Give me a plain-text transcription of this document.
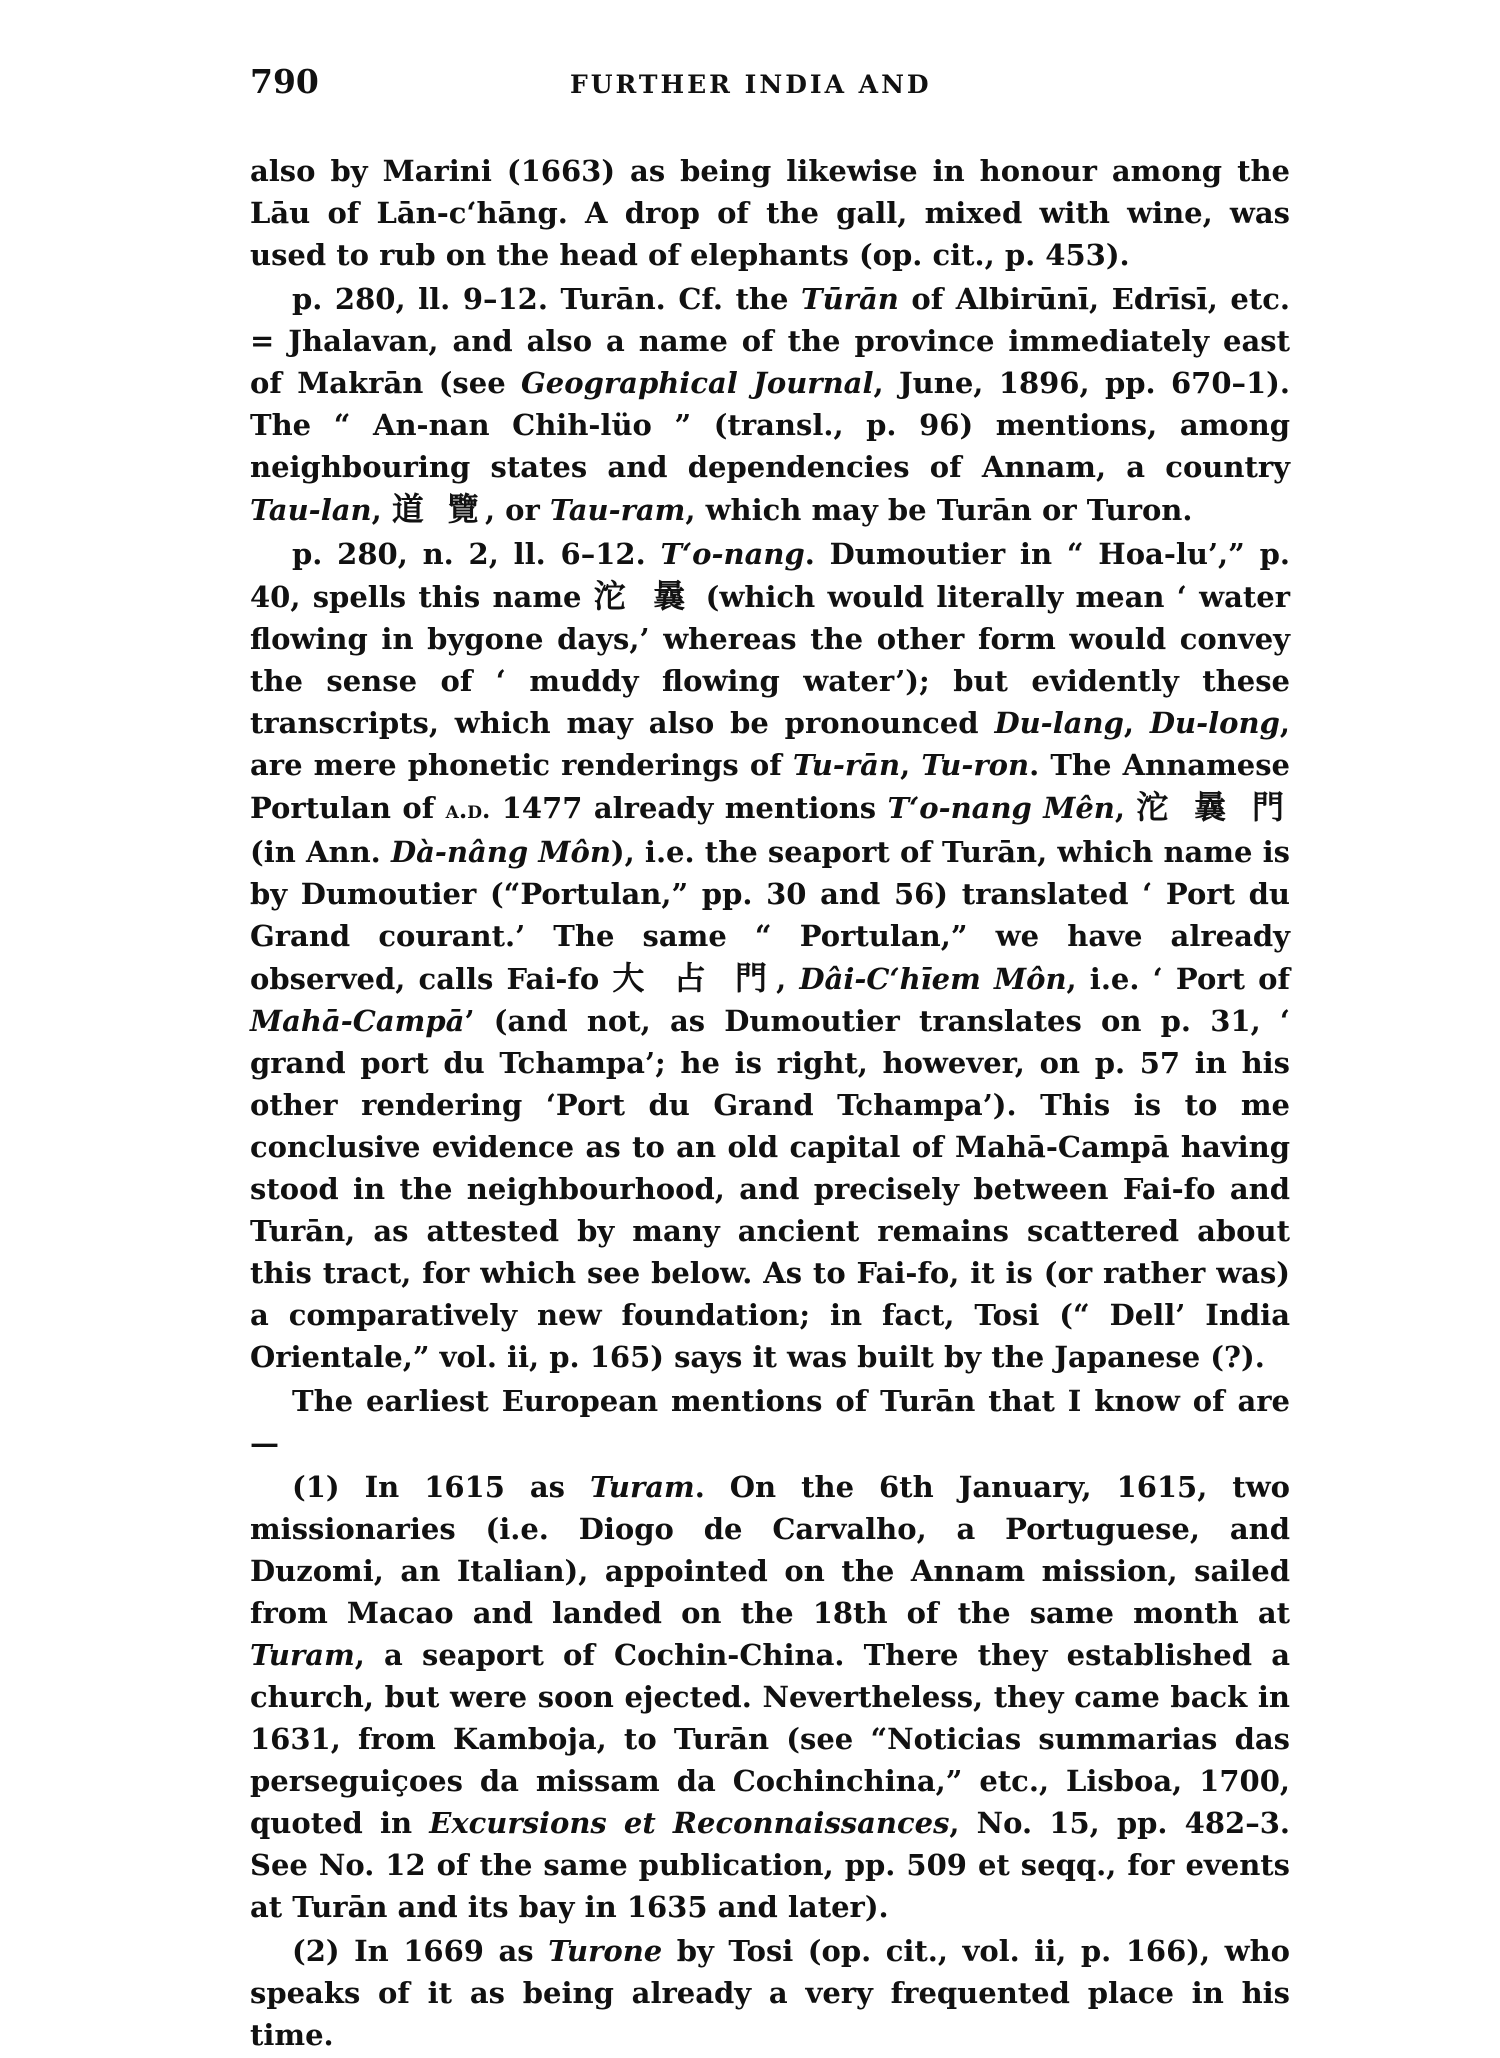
790	FURTHER INDIA AND

also by Marini (1663) as being likewise in honour among the Lāu of Lān-cʻhāng. A drop of the gall, mixed with wine, was used to rub on the head of elephants (op. cit., p. 453).

p. 280, ll. 9–12. Turān. Cf. the Tūrān of Albirūnī, Edrīsī, etc. = Jhalavan, and also a name of the province immediately east of Makrān (see Geographical Journal, June, 1896, pp. 670–1). The “ An-nan Chih-lüo ” (transl., p. 96) mentions, among neighbouring states and dependencies of Annam, a country Tau-lan, 道 覽, or Tau-ram, which may be Turān or Turon.

p. 280, n. 2, ll. 6–12. Tʻo-nang. Dumoutier in “ Hoa-lu’,” p. 40, spells this name 沱 曩 (which would literally mean ‘ water flowing in bygone days,’ whereas the other form would convey the sense of ‘ muddy flowing water’); but evidently these transcripts, which may also be pronounced Du-lang, Du-long, are mere phonetic renderings of Tu-rān, Tu-ron. The Annamese Portulan of a.d. 1477 already mentions Tʻo-nang Mên, 沱 曩 門 (in Ann. Dà-nâng Môn), i.e. the seaport of Turān, which name is by Dumoutier (“Portulan,” pp. 30 and 56) translated ‘ Port du Grand courant.’ The same “ Portulan,” we have already observed, calls Fai-fo 大 占 門, Dâi-Cʻhīem Môn, i.e. ‘ Port of Mahā-Campā’ (and not, as Dumoutier translates on p. 31, ‘ grand port du Tchampa’; he is right, however, on p. 57 in his other rendering ‘Port du Grand Tchampa’). This is to me conclusive evidence as to an old capital of Mahā-Campā having stood in the neighbourhood, and precisely between Fai-fo and Turān, as attested by many ancient remains scattered about this tract, for which see below. As to Fai-fo, it is (or rather was) a comparatively new foundation; in fact, Tosi (“ Dell’ India Orientale,” vol. ii, p. 165) says it was built by the Japanese (?).

The earliest European mentions of Turān that I know of are—

(1) In 1615 as Turam. On the 6th January, 1615, two missionaries (i.e. Diogo de Carvalho, a Portuguese, and Duzomi, an Italian), appointed on the Annam mission, sailed from Macao and landed on the 18th of the same month at Turam, a seaport of Cochin-China. There they established a church, but were soon ejected. Nevertheless, they came back in 1631, from Kamboja, to Turān (see “Noticias summarias das perseguiçoes da missam da Cochinchina,” etc., Lisboa, 1700, quoted in Excursions et Reconnaissances, No. 15, pp. 482–3. See No. 12 of the same publication, pp. 509 et seqq., for events at Turān and its bay in 1635 and later).

(2) In 1669 as Turone by Tosi (op. cit., vol. ii, p. 166), who speaks of it as being already a very frequented place in his time.
